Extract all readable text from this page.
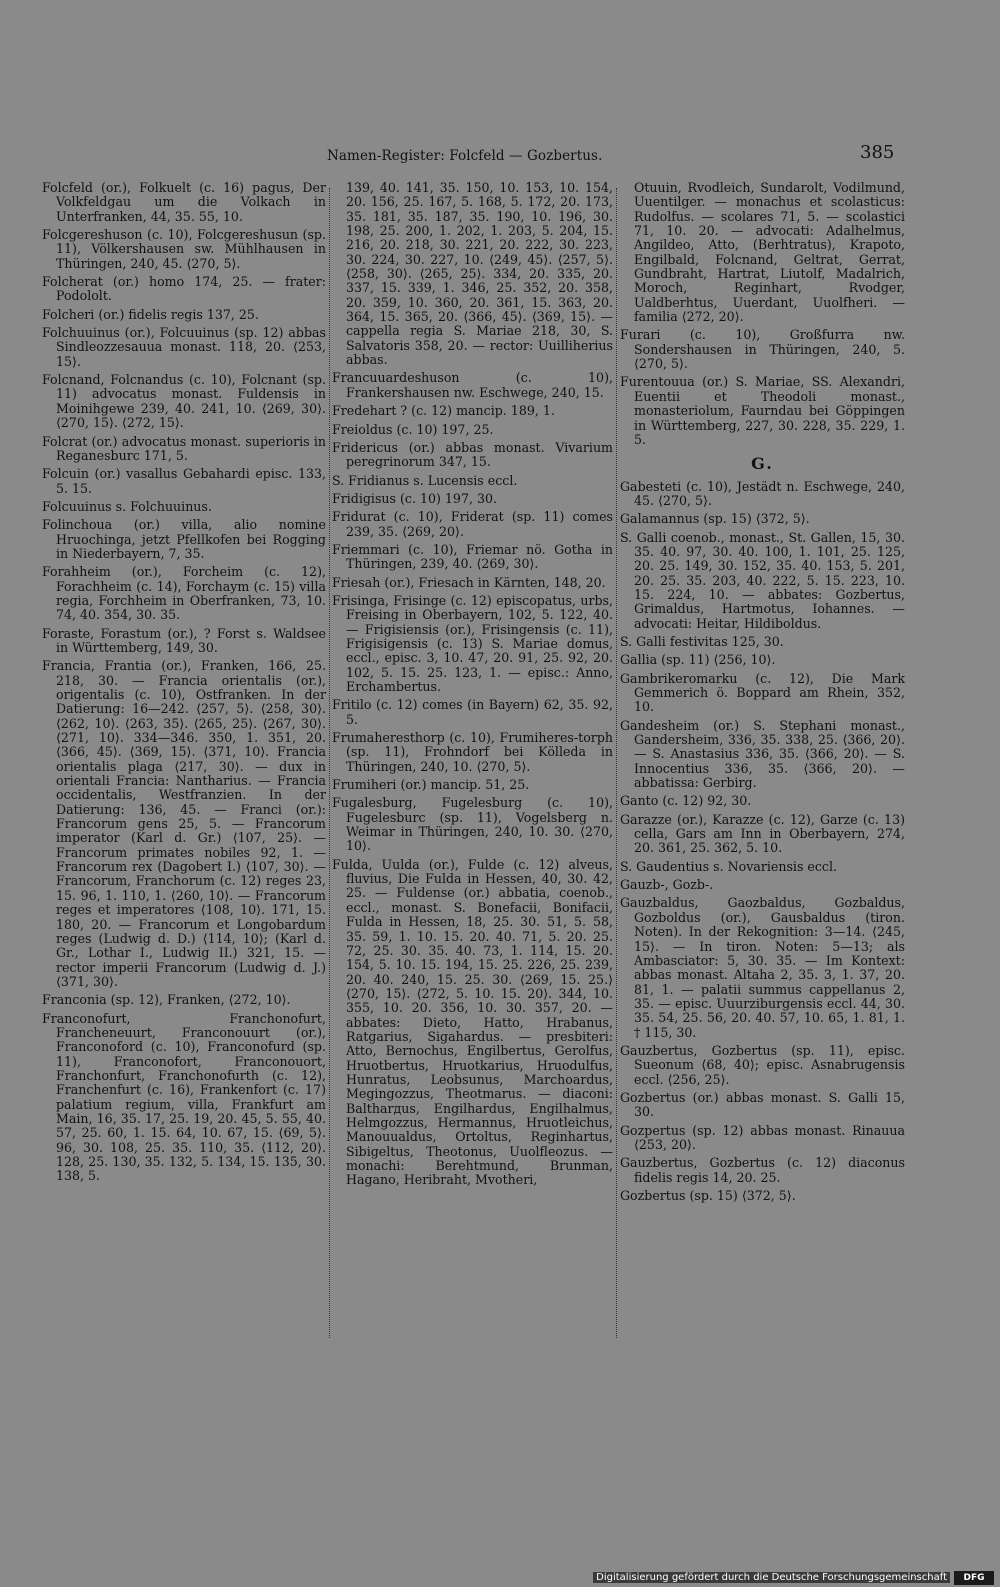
Namen-Register: Folcfeld — Gozbertus.	385
Folcfeld (or.), Folkuelt (c. 16) pagus, Der Volkfeldgau um die Volkach in Unterfranken, 44, 35. 55, 10.
Folcgereshuson (c. 10), Folcgereshusun (sp. 11), Völkershausen sw. Mühlhausen in Thüringen, 240, 45. ⟨270, 5⟩.
Folcherat (or.) homo 174, 25. — frater: Podololt.
Folcheri (or.) fidelis regis 137, 25.
Folchuuinus (or.), Folcuuinus (sp. 12) abbas Sindleozzesauua monast. 118, 20. ⟨253, 15⟩.
Folcnand, Folcnandus (c. 10), Folcnant (sp. 11) advocatus monast. Fuldensis in Moinihgewe 239, 40. 241, 10. ⟨269, 30⟩. ⟨270, 15⟩. ⟨272, 15⟩.
Folcrat (or.) advocatus monast. superioris in Reganesburc 171, 5.
Folcuin (or.) vasallus Gebahardi episc. 133, 5. 15.
Folcuuinus s. Folchuuinus.
Folinchoua (or.) villa, alio nomine Hruochinga, jetzt Pfellkofen bei Rogging in Niederbayern, 7, 35.
Forahheim (or.), Forcheim (c. 12), Forachheim (c. 14), Forchaym (c. 15) villa regia, Forchheim in Oberfranken, 73, 10. 74, 40. 354, 30. 35.
Foraste, Forastum (or.), ? Forst s. Waldsee in Württemberg, 149, 30.
Francia, Frantia (or.), Franken, 166, 25. 218, 30. — Francia orientalis (or.), origentalis (c. 10), Ostfranken. In der Datierung: 16—242. ⟨257, 5⟩. ⟨258, 30⟩. ⟨262, 10⟩. ⟨263, 35⟩. ⟨265, 25⟩. ⟨267, 30⟩. ⟨271, 10⟩. 334—346. 350, 1. 351, 20. ⟨366, 45⟩. ⟨369, 15⟩. ⟨371, 10⟩. Francia orientalis plaga ⟨217, 30⟩. — dux in orientali Francia: Nantharius. — Francia occidentalis, Westfranzien. In der Datierung: 136, 45. — Franci (or.): Francorum gens 25, 5. — Francorum imperator (Karl d. Gr.) ⟨107, 25⟩. — Francorum primates nobiles 92, 1. — Francorum rex (Dagobert I.) ⟨107, 30⟩. — Francorum, Franchorum (c. 12) reges 23, 15. 96, 1. 110, 1. ⟨260, 10⟩. — Francorum reges et imperatores ⟨108, 10⟩. 171, 15. 180, 20. — Francorum et Longobardum reges (Ludwig d. D.) ⟨114, 10⟩; (Karl d. Gr., Lothar I., Ludwig II.) 321, 15. — rector imperii Francorum (Ludwig d. J.) ⟨371, 30⟩.
Franconia (sp. 12), Franken, ⟨272, 10⟩.
Franconofurt, Franchonofurt, Francheneuurt, Franconouurt (or.), Franconoford (c. 10), Franconofurd (sp. 11), Franconofort, Franconouort, Franchonfurt, Franchonofurth (c. 12), Franchenfurt (c. 16), Frankenfort (c. 17) palatium regium, villa, Frankfurt am Main, 16, 35. 17, 25. 19, 20. 45, 5. 55, 40. 57, 25. 60, 1. 15. 64, 10. 67, 15. ⟨69, 5⟩. 96, 30. 108, 25. 35. 110, 35. ⟨112, 20⟩. 128, 25. 130, 35. 132, 5. 134, 15. 135, 30. 138, 5.
139, 40. 141, 35. 150, 10. 153, 10. 154, 20. 156, 25. 167, 5. 168, 5. 172, 20. 173, 35. 181, 35. 187, 35. 190, 10. 196, 30. 198, 25. 200, 1. 202, 1. 203, 5. 204, 15. 216, 20. 218, 30. 221, 20. 222, 30. 223, 30. 224, 30. 227, 10. ⟨249, 45⟩. ⟨257, 5⟩. ⟨258, 30⟩. ⟨265, 25⟩. 334, 20. 335, 20. 337, 15. 339, 1. 346, 25. 352, 20. 358, 20. 359, 10. 360, 20. 361, 15. 363, 20. 364, 15. 365, 20. ⟨366, 45⟩. ⟨369, 15⟩. — cappella regia S. Mariae 218, 30, S. Salvatoris 358, 20. — rector: Uuilliherius abbas.
Francuuardeshuson (c. 10), Frankershausen nw. Eschwege, 240, 15.
Fredehart ? (c. 12) mancip. 189, 1.
Freioldus (c. 10) 197, 25.
Fridericus (or.) abbas monast. Vivarium peregrinorum 347, 15.
S. Fridianus s. Lucensis eccl.
Fridigisus (c. 10) 197, 30.
Fridurat (c. 10), Friderat (sp. 11) comes 239, 35. ⟨269, 20⟩.
Friemmari (c. 10), Friemar nö. Gotha in Thüringen, 239, 40. ⟨269, 30⟩.
Friesah (or.), Friesach in Kärnten, 148, 20.
Frisinga, Frisinge (c. 12) episcopatus, urbs, Freising in Oberbayern, 102, 5. 122, 40. — Frigisiensis (or.), Frisingensis (c. 11), Frigisigensis (c. 13) S. Mariae domus, eccl., episc. 3, 10. 47, 20. 91, 25. 92, 20. 102, 5. 15. 25. 123, 1. — episc.: Anno, Erchambertus.
Fritilo (c. 12) comes (in Bayern) 62, 35. 92, 5.
Frumaheresthorp (c. 10), Frumiheres-torph (sp. 11), Frohndorf bei Kölleda in Thüringen, 240, 10. ⟨270, 5⟩.
Frumiheri (or.) mancip. 51, 25.
Fugalesburg, Fugelesburg (c. 10), Fugelesburc (sp. 11), Vogelsberg n. Weimar in Thüringen, 240, 10. 30. ⟨270, 10⟩.
Fulda, Uulda (or.), Fulde (c. 12) alveus, fluvius, Die Fulda in Hessen, 40, 30. 42, 25. — Fuldense (or.) abbatia, coenob., eccl., monast. S. Bonefacii, Bonifacii, Fulda in Hessen, 18, 25. 30. 51, 5. 58, 35. 59, 1. 10. 15. 20. 40. 71, 5. 20. 25. 72, 25. 30. 35. 40. 73, 1. 114, 15. 20. 154, 5. 10. 15. 194, 15. 25. 226, 25. 239, 20. 40. 240, 15. 25. 30. ⟨269, 15. 25.⟩ ⟨270, 15⟩. ⟨272, 5. 10. 15. 20⟩. 344, 10. 355, 10. 20. 356, 10. 30. 357, 20. — abbates: Dieto, Hatto, Hrabanus, Ratgarius, Sigahardus. — presbiteri: Atto, Bernochus, Engilbertus, Gerolfus, Hruotbertus, Hruotkarius, Hruodulfus, Hunratus, Leobsunus, Marchoardus, Megingozzus, Theotmarus. — diaconi: Baltharдus, Engilhardus, Engilhalmus, Helmgozzus, Hermannus, Hruotleichus, Manouualdus, Ortoltus, Reginhartus, Sibigeltus, Theotonus, Uuolfleozus. — monachi: Berehtmund, Brunman, Hagano, Heribraht, Mvotheri,
Otuuin, Rvodleich, Sundarolt, Vodilmund, Uuentilger. — monachus et scolasticus: Rudolfus. — scolares 71, 5. — scolastici 71, 10. 20. — advocati: Adalhelmus, Angildeo, Atto, (Berhtratus), Krapoto, Engilbald, Folcnand, Geltrat, Gerrat, Gundbraht, Hartrat, Liutolf, Madalrich, Moroch, Reginhart, Rvodger, Ualdberhtus, Uuerdant, Uuolfheri. — familia ⟨272, 20⟩.
Furari (c. 10), Großfurra nw. Sondershausen in Thüringen, 240, 5. ⟨270, 5⟩.
Furentouua (or.) S. Mariae, SS. Alexandri, Euentii et Theodoli monast., monasteriolum, Faurndau bei Göppingen in Württemberg, 227, 30. 228, 35. 229, 1. 5.
G.
Gabesteti (c. 10), Jestädt n. Eschwege, 240, 45. ⟨270, 5⟩.
Galamannus (sp. 15) ⟨372, 5⟩.
S. Galli coenob., monast., St. Gallen, 15, 30. 35. 40. 97, 30. 40. 100, 1. 101, 25. 125, 20. 25. 149, 30. 152, 35. 40. 153, 5. 201, 20. 25. 35. 203, 40. 222, 5. 15. 223, 10. 15. 224, 10. — abbates: Gozbertus, Grimaldus, Hartmotus, Iohannes. — advocati: Heitar, Hildiboldus.
S. Galli festivitas 125, 30.
Gallia (sp. 11) ⟨256, 10⟩.
Gambrikeromarku (c. 12), Die Mark Gemmerich ö. Boppard am Rhein, 352, 10.
Gandesheim (or.) S. Stephani monast., Gandersheim, 336, 35. 338, 25. ⟨366, 20⟩. — S. Anastasius 336, 35. ⟨366, 20⟩. — S. Innocentius 336, 35. ⟨366, 20⟩. — abbatissa: Gerbirg.
Ganto (c. 12) 92, 30.
Garazze (or.), Karazze (c. 12), Garze (c. 13) cella, Gars am Inn in Oberbayern, 274, 20. 361, 25. 362, 5. 10.
S. Gaudentius s. Novariensis eccl.
Gauzb-, Gozb-.
Gauzbaldus, Gaozbaldus, Gozbaldus, Gozboldus (or.), Gausbaldus (tiron. Noten). In der Rekognition: 3—14. ⟨245, 15⟩. — In tiron. Noten: 5—13; als Ambasciator: 5, 30. 35. — Im Kontext: abbas monast. Altaha 2, 35. 3, 1. 37, 20. 81, 1. — palatii summus cappellanus 2, 35. — episc. Uuurziburgensis eccl. 44, 30. 35. 54, 25. 56, 20. 40. 57, 10. 65, 1. 81, 1. † 115, 30.
Gauzbertus, Gozbertus (sp. 11), episc. Sueonum ⟨68, 40⟩; episc. Asnabrugensis eccl. ⟨256, 25⟩.
Gozbertus (or.) abbas monast. S. Galli 15, 30.
Gozpertus (sp. 12) abbas monast. Rinauua ⟨253, 20⟩.
Gauzbertus, Gozbertus (c. 12) diaconus fidelis regis 14, 20. 25.
Gozbertus (sp. 15) ⟨372, 5⟩.
Digitalisierung gefördert durch die Deutsche Forschungsgemeinschaft	DFG
